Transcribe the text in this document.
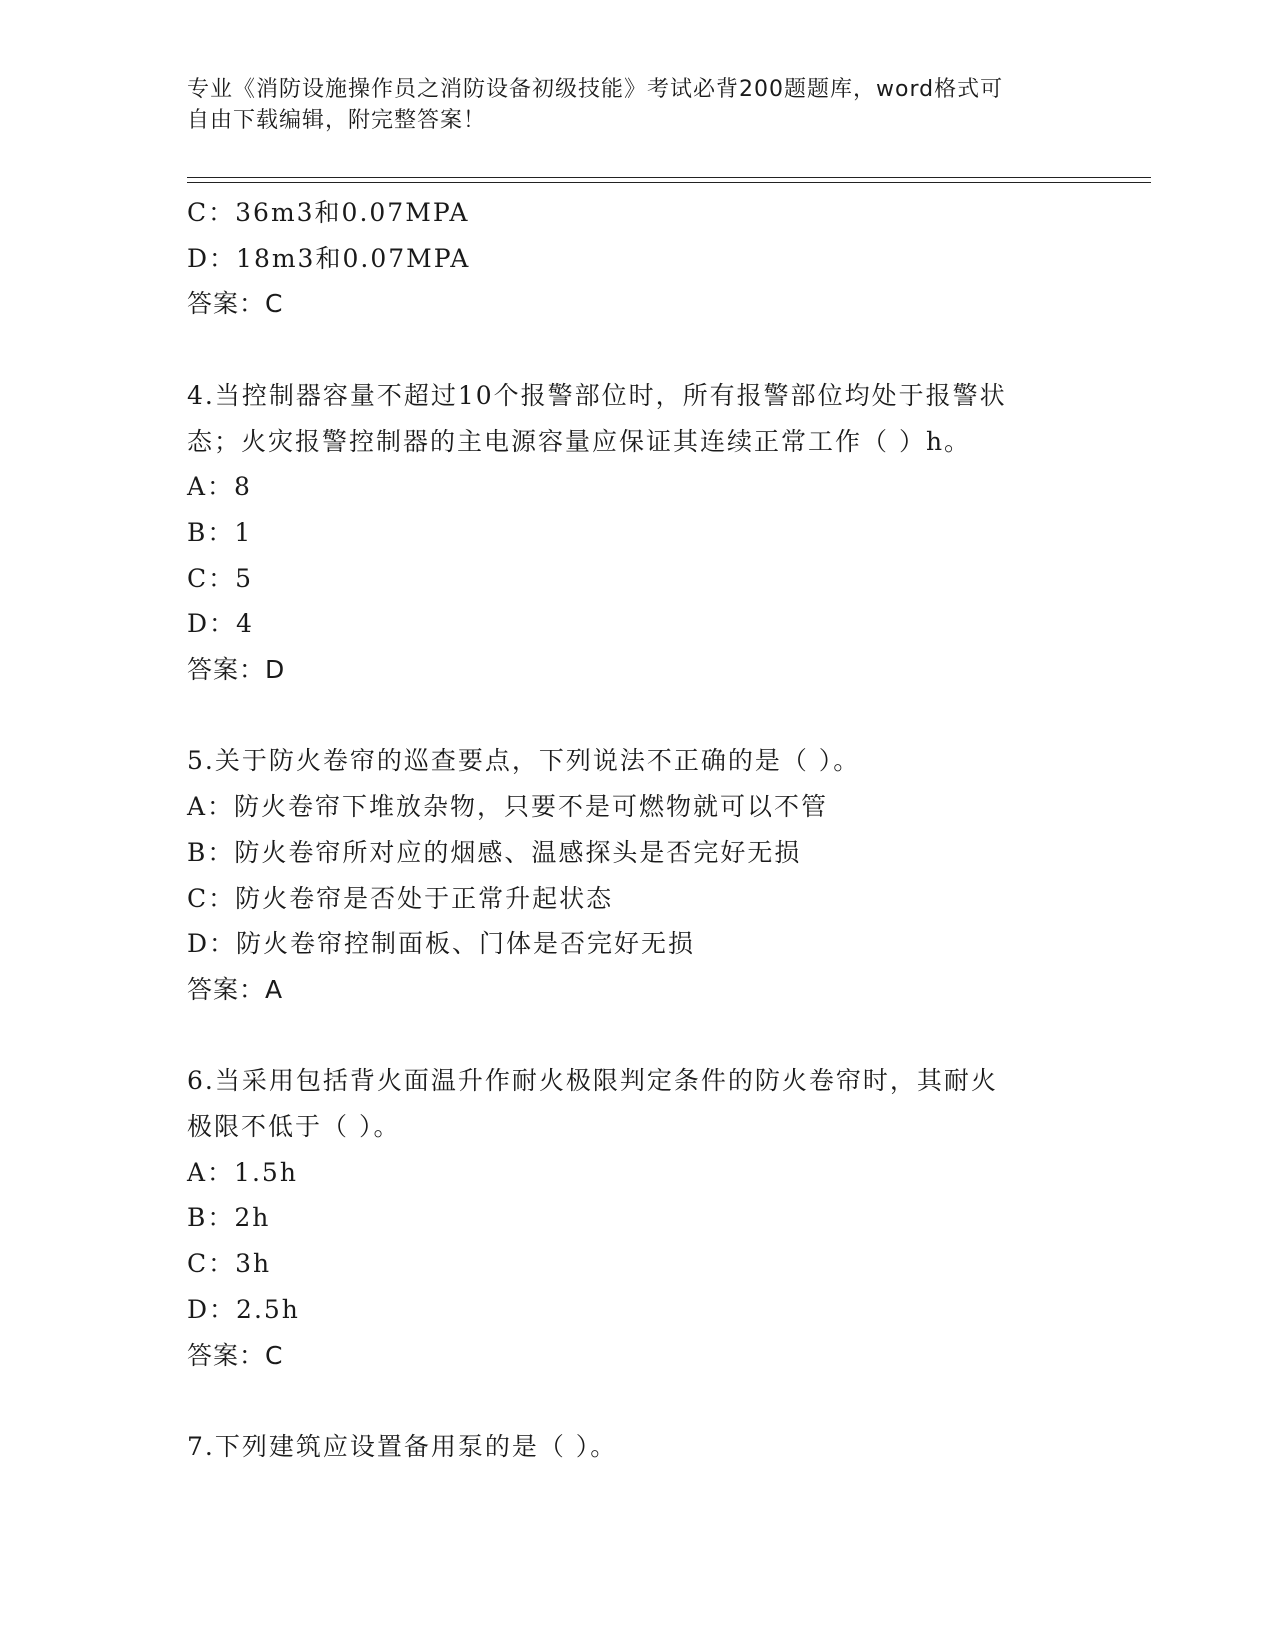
专业《消防设施操作员之消防设备初级技能》考试必背200题题库，word格式可
自由下载编辑，附完整答案！
C：36m3和0.07MPA
D：18m3和0.07MPA
答案：C
4.当控制器容量不超过10个报警部位时，所有报警部位均处于报警状
态；火灾报警控制器的主电源容量应保证其连续正常工作（ ）h。
A：8
B：1
C：5
D：4
答案：D
5.关于防火卷帘的巡查要点，下列说法不正确的是（ ）。
A：防火卷帘下堆放杂物，只要不是可燃物就可以不管
B：防火卷帘所对应的烟感、温感探头是否完好无损
C：防火卷帘是否处于正常升起状态
D：防火卷帘控制面板、门体是否完好无损
答案：A
6.当采用包括背火面温升作耐火极限判定条件的防火卷帘时，其耐火
极限不低于（ ）。
A：1.5h
B：2h
C：3h
D：2.5h
答案：C
7.下列建筑应设置备用泵的是（ ）。
